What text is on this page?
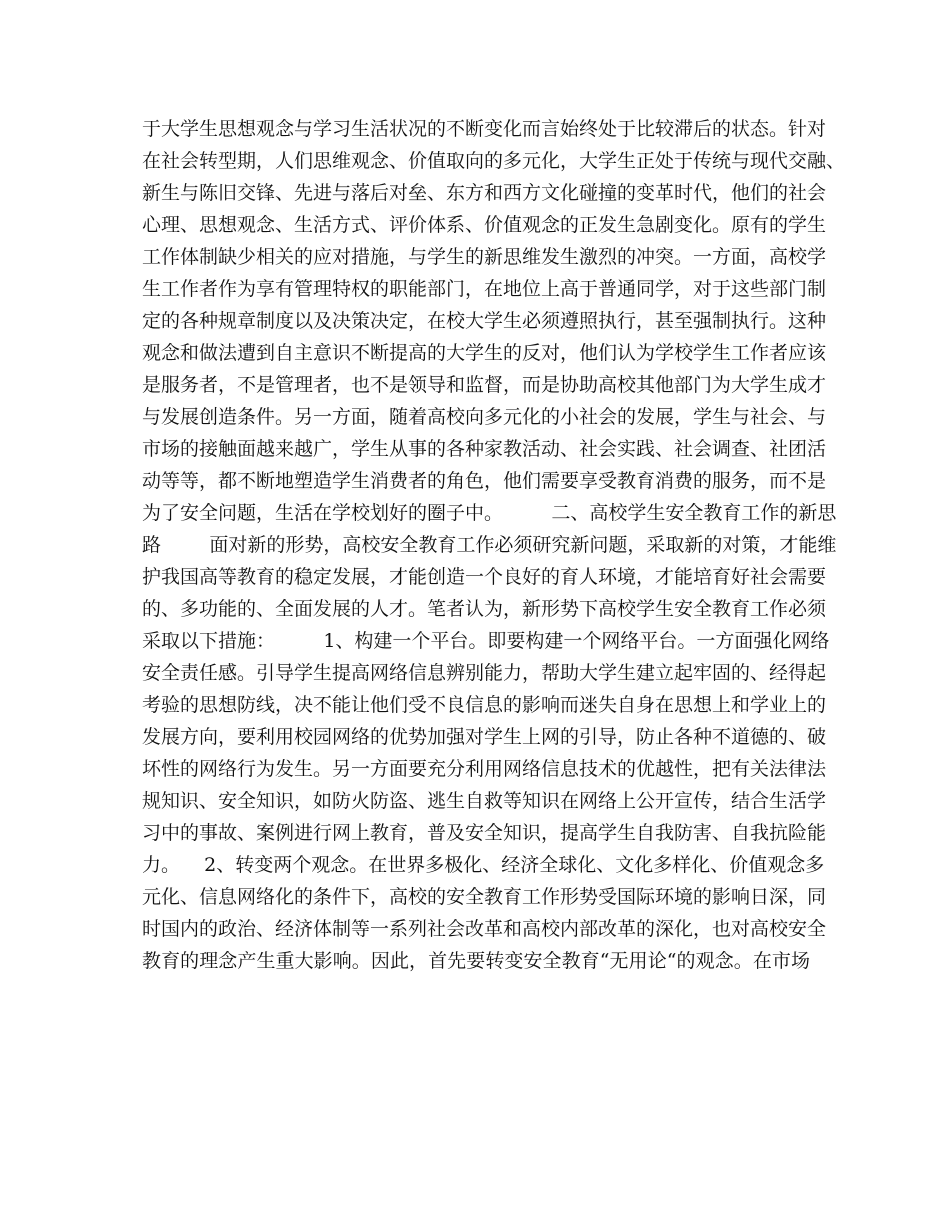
于大学生思想观念与学习生活状况的不断变化而言始终处于比较滞后的状态。针对
在社会转型期，人们思维观念、价值取向的多元化，大学生正处于传统与现代交融、
新生与陈旧交锋、先进与落后对垒、东方和西方文化碰撞的变革时代，他们的社会
心理、思想观念、生活方式、评价体系、价值观念的正发生急剧变化。原有的学生
工作体制缺少相关的应对措施，与学生的新思维发生激烈的冲突。一方面，高校学
生工作者作为享有管理特权的职能部门，在地位上高于普通同学，对于这些部门制
定的各种规章制度以及决策决定，在校大学生必须遵照执行，甚至强制执行。这种
观念和做法遭到自主意识不断提高的大学生的反对，他们认为学校学生工作者应该
是服务者，不是管理者，也不是领导和监督，而是协助高校其他部门为大学生成才
与发展创造条件。另一方面，随着高校向多元化的小社会的发展，学生与社会、与
市场的接触面越来越广，学生从事的各种家教活动、社会实践、社会调查、社团活
动等等，都不断地塑造学生消费者的角色，他们需要享受教育消费的服务，而不是
为了安全问题，生活在学校划好的圈子中。        二、高校学生安全教育工作的新思
路        面对新的形势，高校安全教育工作必须研究新问题，采取新的对策，才能维
护我国高等教育的稳定发展，才能创造一个良好的育人环境，才能培育好社会需要
的、多功能的、全面发展的人才。笔者认为，新形势下高校学生安全教育工作必须
采取以下措施：        1、构建一个平台。即要构建一个网络平台。一方面强化网络
安全责任感。引导学生提高网络信息辨别能力，帮助大学生建立起牢固的、经得起
考验的思想防线，决不能让他们受不良信息的影响而迷失自身在思想上和学业上的
发展方向，要利用校园网络的优势加强对学生上网的引导，防止各种不道德的、破
坏性的网络行为发生。另一方面要充分利用网络信息技术的优越性，把有关法律法
规知识、安全知识，如防火防盗、逃生自救等知识在网络上公开宣传，结合生活学
习中的事故、案例进行网上教育，普及安全知识，提高学生自我防害、自我抗险能
力。    2、转变两个观念。在世界多极化、经济全球化、文化多样化、价值观念多
元化、信息网络化的条件下，高校的安全教育工作形势受国际环境的影响日深，同
时国内的政治、经济体制等一系列社会改革和高校内部改革的深化，也对高校安全
教育的理念产生重大影响。因此，首先要转变安全教育“无用论“的观念。在市场
